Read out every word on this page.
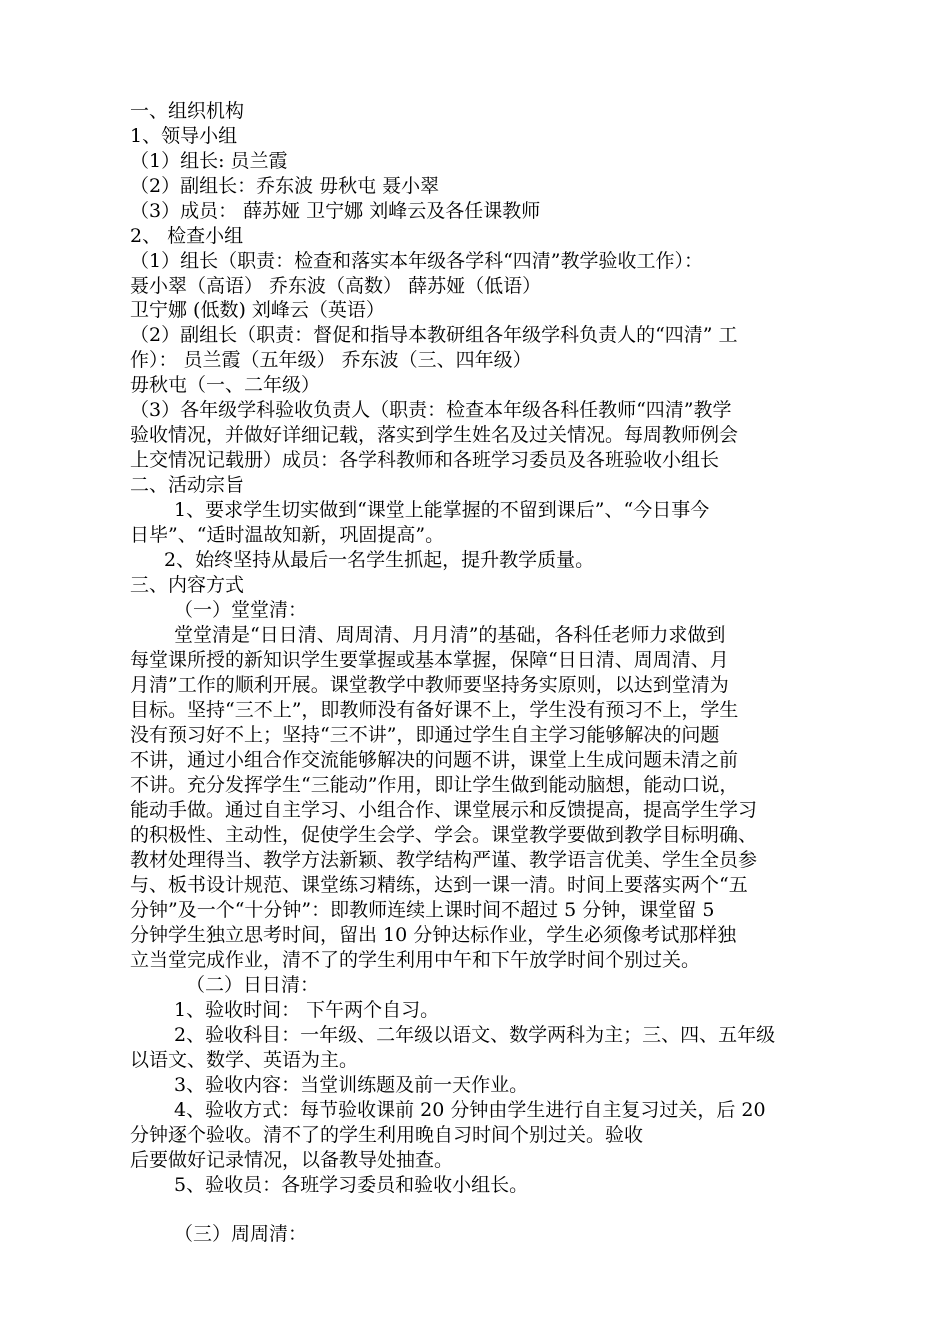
一、组织机构
1、领导小组
（1）组长: 员兰霞
（2）副组长：乔东波 毋秋屯 聂小翠
（3）成员： 薛苏娅 卫宁娜 刘峰云及各任课教师
2、 检查小组
（1）组长（职责：检查和落实本年级各学科“四清”教学验收工作）：
聂小翠（高语） 乔东波（高数） 薛苏娅（低语）
卫宁娜 (低数) 刘峰云（英语）
（2）副组长（职责：督促和指导本教研组各年级学科负责人的“四清” 工
作）： 员兰霞（五年级） 乔东波（三、四年级）
毋秋屯（一、二年级）
（3）各年级学科验收负责人（职责：检查本年级各科任教师“四清”教学
验收情况，并做好详细记载，落实到学生姓名及过关情况。每周教师例会
上交情况记载册）成员：各学科教师和各班学习委员及各班验收小组长
二、活动宗旨
1、要求学生切实做到“课堂上能掌握的不留到课后”、“今日事今
日毕”、“适时温故知新，巩固提高”。
2、始终坚持从最后一名学生抓起，提升教学质量。
三、内容方式
（一）堂堂清：
堂堂清是“日日清、周周清、月月清”的基础，各科任老师力求做到
每堂课所授的新知识学生要掌握或基本掌握，保障“日日清、周周清、月
月清”工作的顺利开展。课堂教学中教师要坚持务实原则，以达到堂清为
目标。坚持“三不上”，即教师没有备好课不上，学生没有预习不上，学生
没有预习好不上；坚持“三不讲”，即通过学生自主学习能够解决的问题
不讲，通过小组合作交流能够解决的问题不讲，课堂上生成问题未清之前
不讲。充分发挥学生“三能动”作用，即让学生做到能动脑想，能动口说，
能动手做。通过自主学习、小组合作、课堂展示和反馈提高，提高学生学习
的积极性、主动性，促使学生会学、学会。课堂教学要做到教学目标明确、
教材处理得当、教学方法新颖、教学结构严谨、教学语言优美、学生全员参
与、板书设计规范、课堂练习精练，达到一课一清。时间上要落实两个“五
分钟”及一个“十分钟”：即教师连续上课时间不超过 5 分钟，课堂留 5
分钟学生独立思考时间，留出 10 分钟达标作业，学生必须像考试那样独
立当堂完成作业，清不了的学生利用中午和下午放学时间个别过关。
（二）日日清：
1、验收时间： 下午两个自习。
2、验收科目：一年级、二年级以语文、数学两科为主；三、四、五年级
以语文、数学、英语为主。
3、验收内容：当堂训练题及前一天作业。
4、验收方式：每节验收课前 20 分钟由学生进行自主复习过关，后 20
分钟逐个验收。清不了的学生利用晚自习时间个别过关。验收
后要做好记录情况，以备教导处抽查。
5、验收员：各班学习委员和验收小组长。
（三）周周清：
